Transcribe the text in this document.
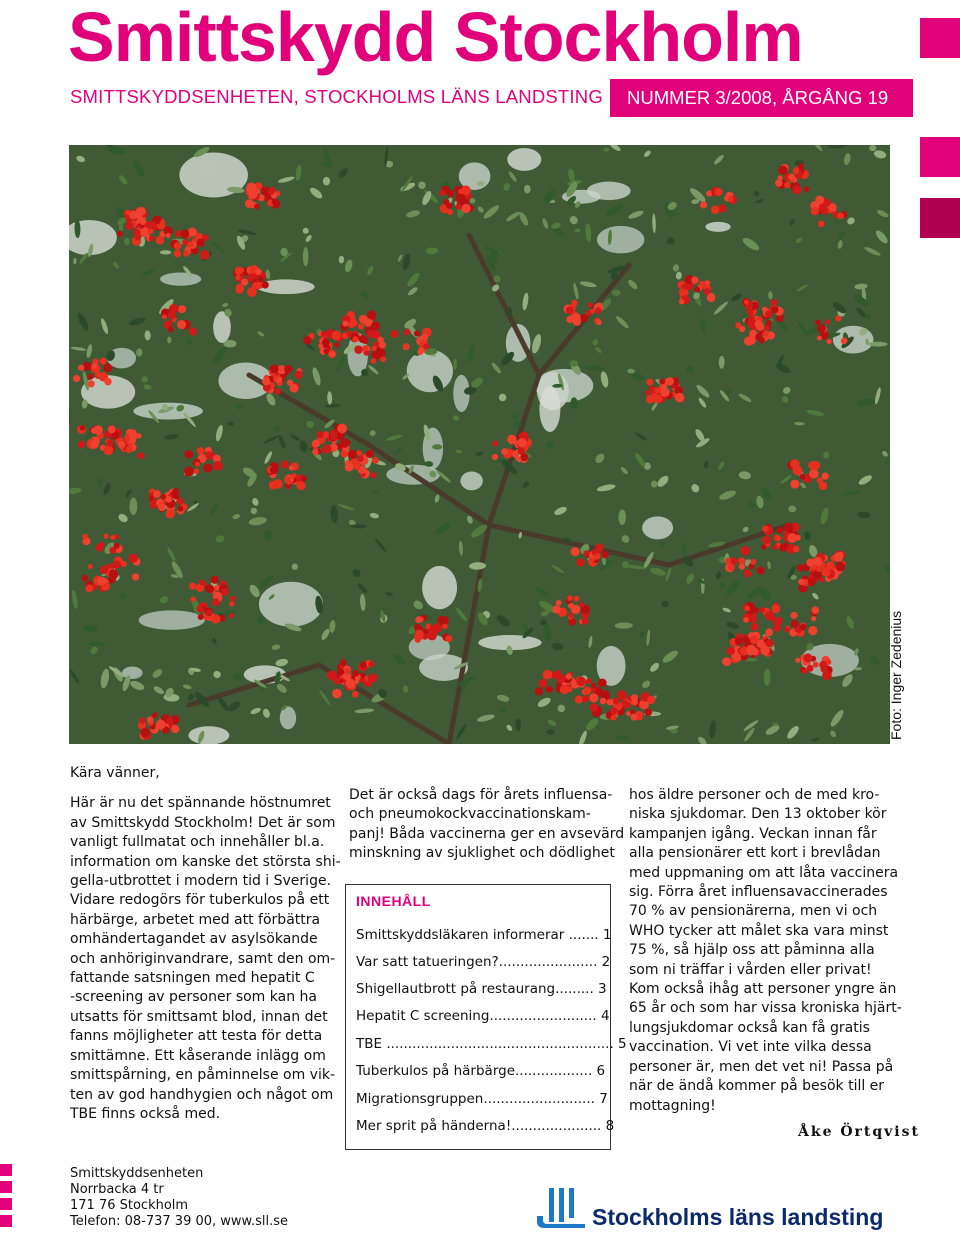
Smittskydd Stockholm
SMITTSKYDDSENHETEN, STOCKHOLMS LÄNS LANDSTING	NUMMER 3/2008, ÅRGÅNG 19
Foto: Inger Zedenius

Kära vänner,

Här är nu det spännande höstnumret
av Smittskydd Stockholm! Det är som
vanligt fullmatat och innehåller bl.a.
information om kanske det största shi-
gella-utbrottet i modern tid i Sverige.
Vidare redogörs för tuberkulos på ett
härbärge, arbetet med att förbättra
omhändertagandet av asylsökande
och anhöriginvandrare, samt den om-
fattande satsningen med hepatit C
-screening av personer som kan ha
utsatts för smittsamt blod, innan det
fanns möjligheter att testa för detta
smittämne. Ett kåserande inlägg om
smittspårning, en påminnelse om vik-
ten av god handhygien och något om
TBE finns också med.
Det är också dags för årets influensa-
och pneumokockvaccinationskam-
panj! Båda vaccinerna ger en avsevärd
minskning av sjuklighet och dödlighet
INNEHÅLL
Smittskyddsläkaren informerar ....... 1
Var satt tatueringen?....................... 2
Shigellautbrott på restaurang......... 3
Hepatit C screening......................... 4
TBE ..................................................... 5
Tuberkulos på härbärge.................. 6
Migrationsgruppen.......................... 7
Mer sprit på händerna!..................... 8
hos äldre personer och de med kro-
niska sjukdomar. Den 13 oktober kör
kampanjen igång. Veckan innan får
alla pensionärer ett kort i brevlådan
med uppmaning om att låta vaccinera
sig. Förra året influensavaccinerades
70 % av pensionärerna, men vi och
WHO tycker att målet ska vara minst
75 %, så hjälp oss att påminna alla
som ni träffar i vården eller privat!
Kom också ihåg att personer yngre än
65 år och som har vissa kroniska hjärt-
lungsjukdomar också kan få gratis
vaccination. Vi vet inte vilka dessa
personer är, men det vet ni! Passa på
när de ändå kommer på besök till er
mottagning!
Åke Örtqvist
Smittskyddsenheten
Norrbacka 4 tr
171 76 Stockholm
Telefon: 08-737 39 00, www.sll.se	Stockholms läns landsting
